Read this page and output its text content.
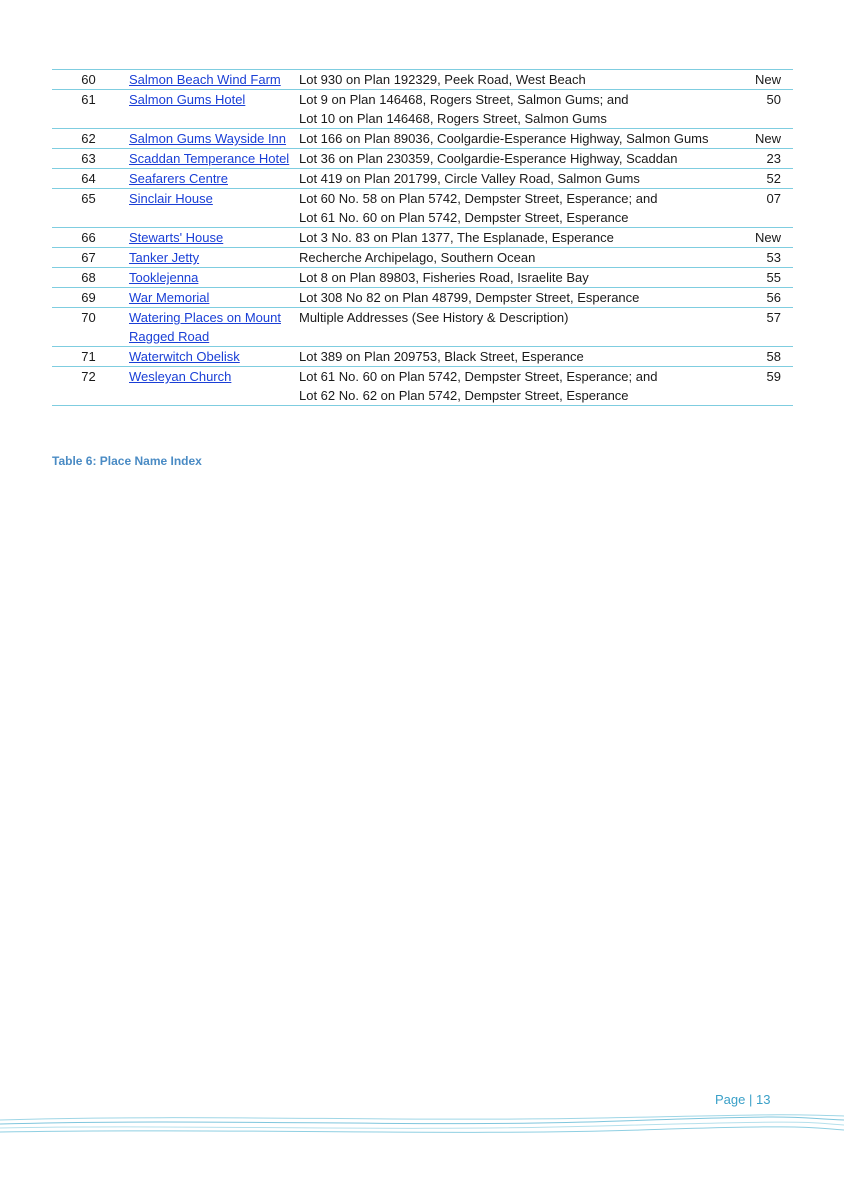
60	Salmon Beach Wind Farm	Lot 930 on Plan 192329, Peek Road, West Beach	New
61	Salmon Gums Hotel	Lot 9 on Plan 146468, Rogers Street, Salmon Gums; and
Lot 10 on Plan 146468, Rogers Street, Salmon Gums	50
62	Salmon Gums Wayside Inn	Lot 166 on Plan 89036, Coolgardie-Esperance Highway, Salmon Gums	New
63	Scaddan Temperance Hotel	Lot 36 on Plan 230359, Coolgardie-Esperance Highway, Scaddan	23
64	Seafarers Centre	Lot 419 on Plan 201799, Circle Valley Road, Salmon Gums	52
65	Sinclair House	Lot 60 No. 58 on Plan 5742, Dempster Street, Esperance; and
Lot 61 No. 60 on Plan 5742, Dempster Street, Esperance	07
66	Stewarts' House	Lot 3 No. 83 on Plan 1377, The Esplanade, Esperance	New
67	Tanker Jetty	Recherche Archipelago, Southern Ocean	53
68	Tooklejenna	Lot 8 on Plan 89803, Fisheries Road, Israelite Bay	55
69	War Memorial	Lot 308 No 82 on Plan 48799, Dempster Street, Esperance	56
70	Watering Places on Mount Ragged Road	Multiple Addresses (See History & Description)	57
71	Waterwitch Obelisk	Lot 389 on Plan 209753, Black Street, Esperance	58
72	Wesleyan Church	Lot 61 No. 60 on Plan 5742, Dempster Street, Esperance; and
Lot 62 No. 62 on Plan 5742, Dempster Street, Esperance	59
Table 6: Place Name Index
Page | 13
